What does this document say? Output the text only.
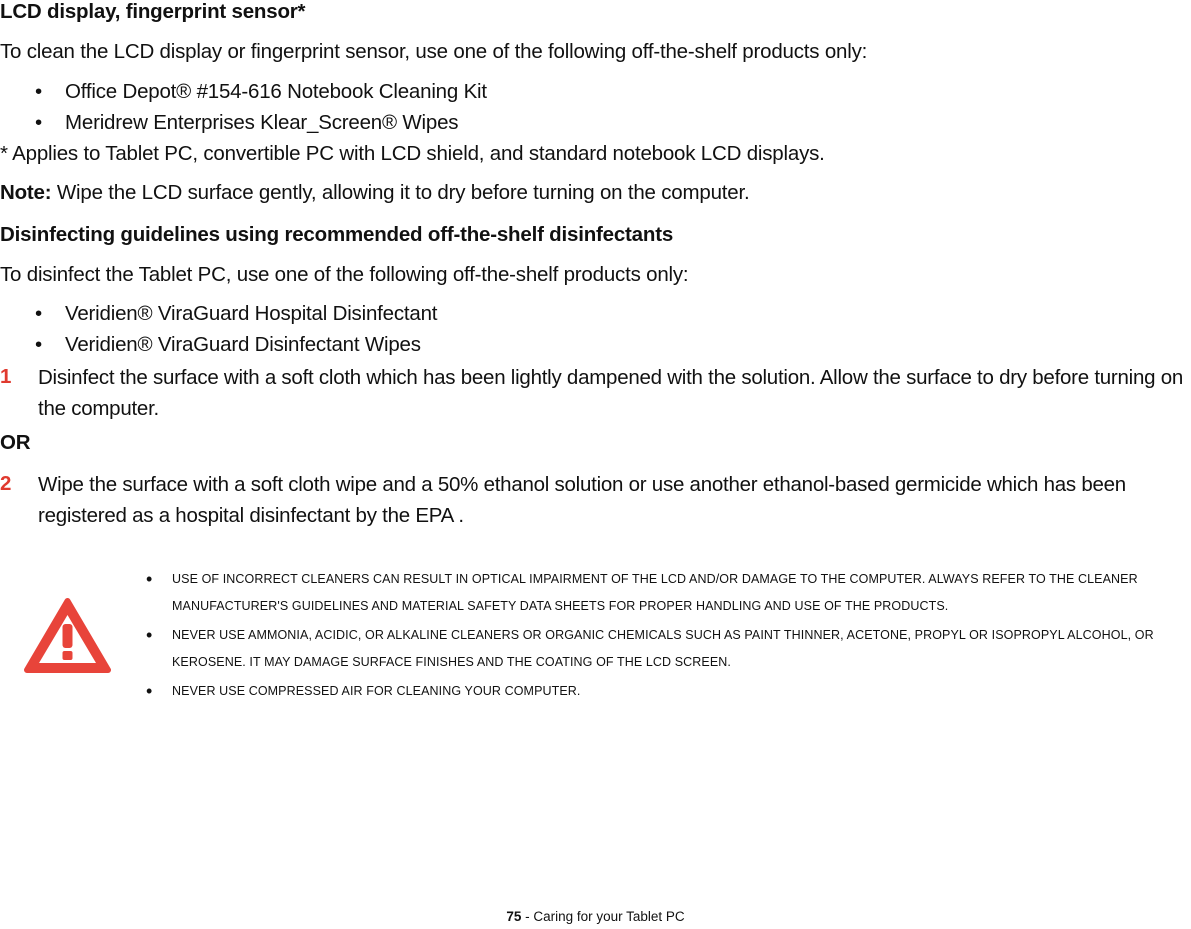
LCD display, fingerprint sensor*
To clean the LCD display or fingerprint sensor, use one of the following off-the-shelf products only:
• Office Depot® #154-616 Notebook Cleaning Kit
• Meridrew Enterprises Klear_Screen® Wipes
* Applies to Tablet PC, convertible PC with LCD shield, and standard notebook LCD displays.
Note: Wipe the LCD surface gently, allowing it to dry before turning on the computer.
Disinfecting guidelines using recommended off-the-shelf disinfectants
To disinfect the Tablet PC, use one of the following off-the-shelf products only:
• Veridien® ViraGuard Hospital Disinfectant
• Veridien® ViraGuard Disinfectant Wipes
1 Disinfect the surface with a soft cloth which has been lightly dampened with the solution. Allow the surface to dry before turning on the computer.
OR
2 Wipe the surface with a soft cloth wipe and a 50% ethanol solution or use another ethanol-based germicide which has been registered as a hospital disinfectant by the EPA .
• USE OF INCORRECT CLEANERS CAN RESULT IN OPTICAL IMPAIRMENT OF THE LCD AND/OR DAMAGE TO THE COMPUTER. ALWAYS REFER TO THE CLEANER MANUFACTURER'S GUIDELINES AND MATERIAL SAFETY DATA SHEETS FOR PROPER HANDLING AND USE OF THE PRODUCTS.
• NEVER USE AMMONIA, ACIDIC, OR ALKALINE CLEANERS OR ORGANIC CHEMICALS SUCH AS PAINT THINNER, ACETONE, PROPYL OR ISOPROPYL ALCOHOL, OR KEROSENE. IT MAY DAMAGE SURFACE FINISHES AND THE COATING OF THE LCD SCREEN.
• NEVER USE COMPRESSED AIR FOR CLEANING YOUR COMPUTER.
75 - Caring for your Tablet PC
